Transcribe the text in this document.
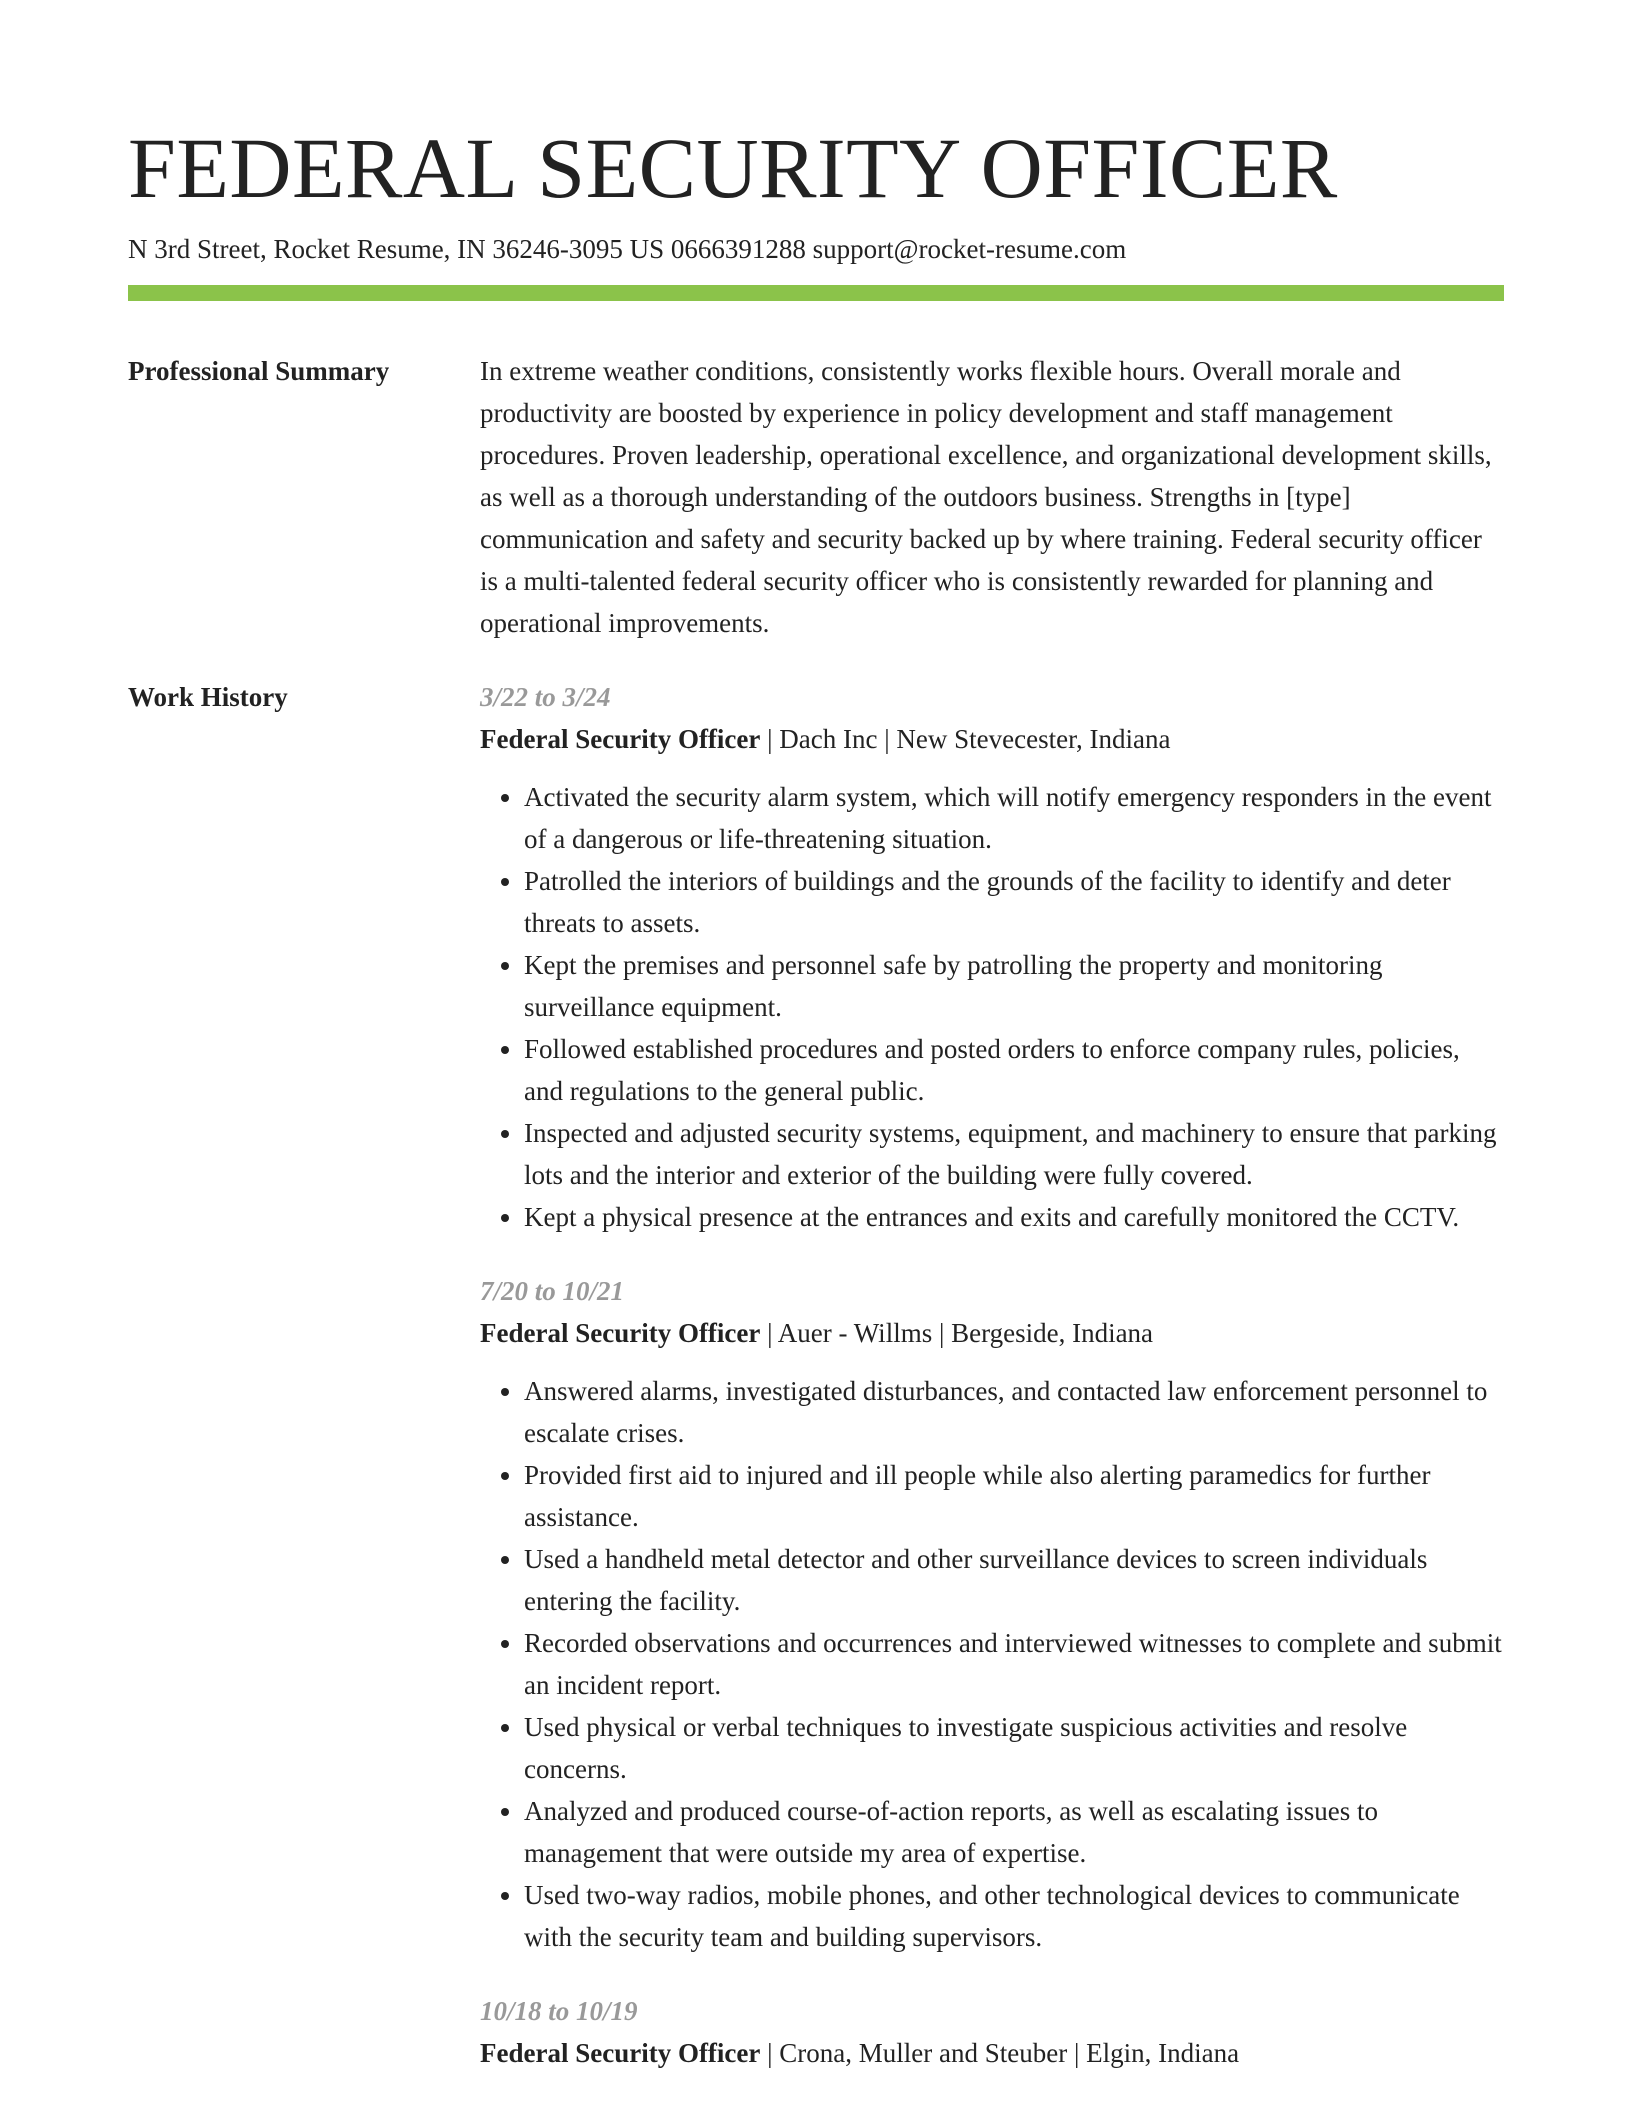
FEDERAL SECURITY OFFICER
N 3rd Street, Rocket Resume, IN 36246-3095 US 0666391288 support@rocket-resume.com
Professional Summary	In extreme weather conditions, consistently works flexible hours. Overall morale and productivity are boosted by experience in policy development and staff management procedures. Proven leadership, operational excellence, and organizational development skills, as well as a thorough understanding of the outdoors business. Strengths in [type] communication and safety and security backed up by where training. Federal security officer is a multi-talented federal security officer who is consistently rewarded for planning and operational improvements.

Work History	3/22 to 3/24
Federal Security Officer | Dach Inc | New Stevecester, Indiana
• Activated the security alarm system, which will notify emergency responders in the event of a dangerous or life-threatening situation.
• Patrolled the interiors of buildings and the grounds of the facility to identify and deter threats to assets.
• Kept the premises and personnel safe by patrolling the property and monitoring surveillance equipment.
• Followed established procedures and posted orders to enforce company rules, policies, and regulations to the general public.
• Inspected and adjusted security systems, equipment, and machinery to ensure that parking lots and the interior and exterior of the building were fully covered.
• Kept a physical presence at the entrances and exits and carefully monitored the CCTV.
7/20 to 10/21
Federal Security Officer | Auer - Willms | Bergeside, Indiana
• Answered alarms, investigated disturbances, and contacted law enforcement personnel to escalate crises.
• Provided first aid to injured and ill people while also alerting paramedics for further assistance.
• Used a handheld metal detector and other surveillance devices to screen individuals entering the facility.
• Recorded observations and occurrences and interviewed witnesses to complete and submit an incident report.
• Used physical or verbal techniques to investigate suspicious activities and resolve concerns.
• Analyzed and produced course-of-action reports, as well as escalating issues to management that were outside my area of expertise.
• Used two-way radios, mobile phones, and other technological devices to communicate with the security team and building supervisors.
10/18 to 10/19
Federal Security Officer | Crona, Muller and Steuber | Elgin, Indiana
